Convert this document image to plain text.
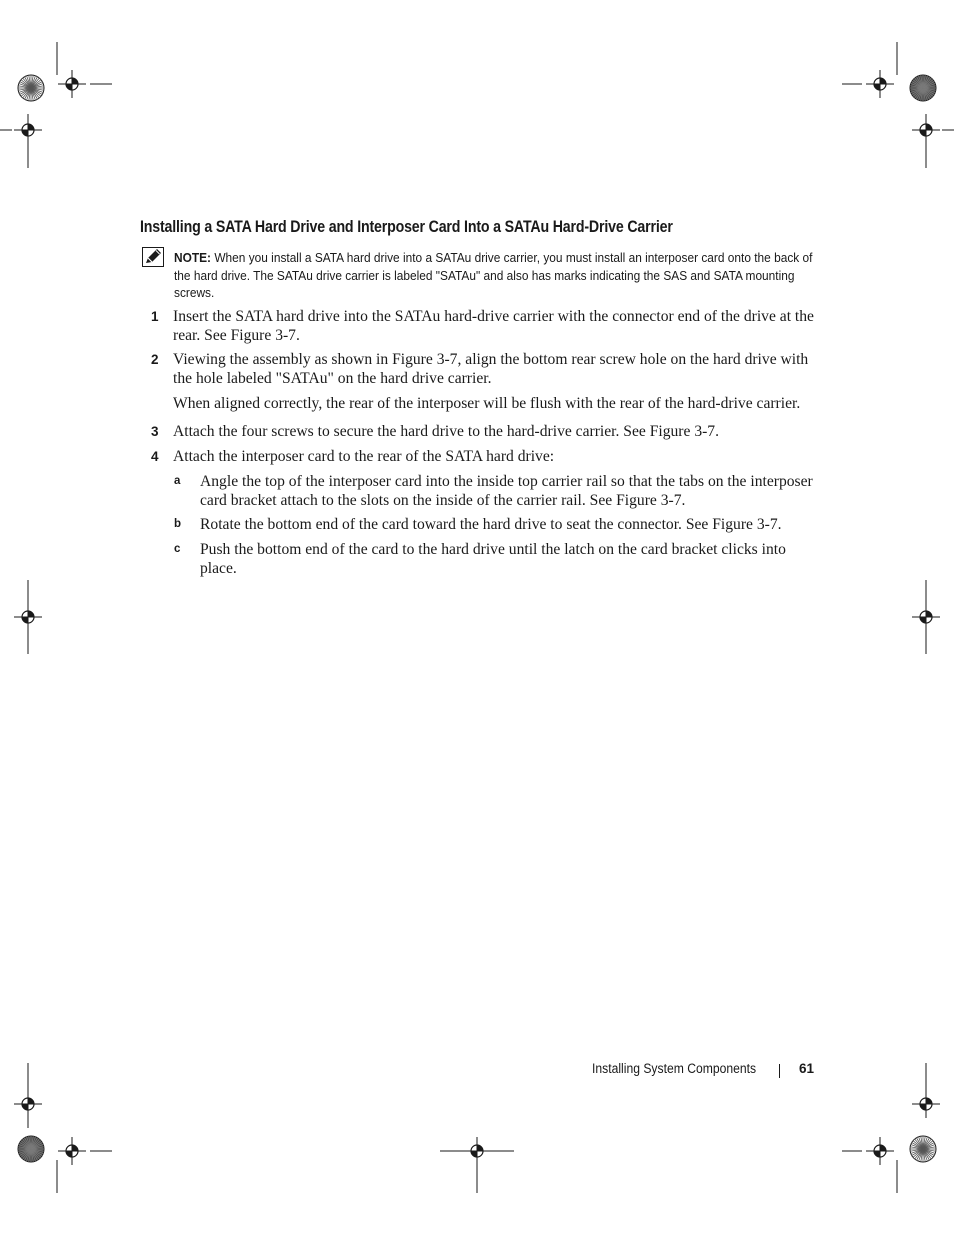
Installing a SATA Hard Drive and Interposer Card Into a SATAu Hard-Drive Carrier
NOTE: When you install a SATA hard drive into a SATAu drive carrier, you must install an interposer card onto the back of the hard drive. The SATAu drive carrier is labeled "SATAu" and also has marks indicating the SAS and SATA mounting screws.
1 Insert the SATA hard drive into the SATAu hard-drive carrier with the connector end of the drive at the rear. See Figure 3-7.
2 Viewing the assembly as shown in Figure 3-7, align the bottom rear screw hole on the hard drive with the hole labeled "SATAu" on the hard drive carrier.
When aligned correctly, the rear of the interposer will be flush with the rear of the hard-drive carrier.
3 Attach the four screws to secure the hard drive to the hard-drive carrier. See Figure 3-7.
4 Attach the interposer card to the rear of the SATA hard drive:
a Angle the top of the interposer card into the inside top carrier rail so that the tabs on the interposer card bracket attach to the slots on the inside of the carrier rail. See Figure 3-7.
b Rotate the bottom end of the card toward the hard drive to seat the connector. See Figure 3-7.
c Push the bottom end of the card to the hard drive until the latch on the card bracket clicks into place.
Installing System Components	61
